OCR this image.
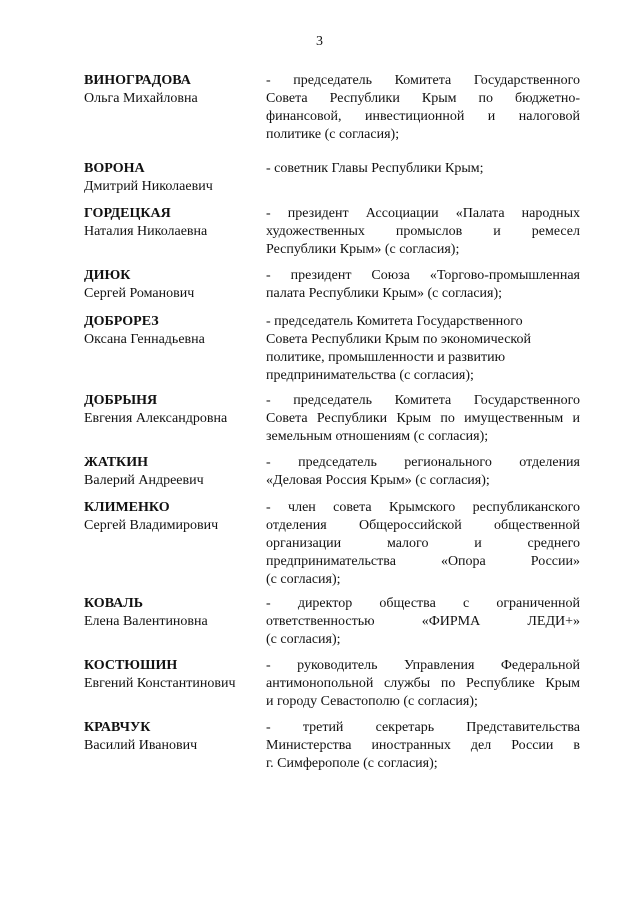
3
ВИНОГРАДОВА
Ольга Михайловна
- председатель Комитета Государственного
Совета Республики Крым по бюджетно-
финансовой, инвестиционной и налоговой
политике (с согласия);
ВОРОНА
Дмитрий Николаевич
- советник Главы Республики Крым;
ГОРДЕЦКАЯ
Наталия Николаевна
- президент Ассоциации «Палата народных
художественных промыслов и ремесел
Республики Крым» (с согласия);
ДИЮК
Сергей Романович
- президент Союза «Торгово-промышленная
палата Республики Крым» (с согласия);
ДОБРОРЕЗ
Оксана Геннадьевна
- председатель Комитета Государственного
Совета Республики Крым по экономической
политике, промышленности и развитию
предпринимательства (с согласия);
ДОБРЫНЯ
Евгения Александровна
- председатель Комитета Государственного
Совета Республики Крым по имущественным и
земельным отношениям (с согласия);
ЖАТКИН
Валерий Андреевич
- председатель регионального отделения
«Деловая Россия Крым» (с согласия);
КЛИМЕНКО
Сергей Владимирович
- член совета Крымского республиканского
отделения Общероссийской общественной
организации малого и среднего
предпринимательства «Опора России»
(с согласия);
КОВАЛЬ
Елена Валентиновна
- директор общества с ограниченной
ответственностью «ФИРМА ЛЕДИ+»
(с согласия);
КОСТЮШИН
Евгений Константинович
- руководитель Управления Федеральной
антимонопольной службы по Республике Крым
и городу Севастополю (с согласия);
КРАВЧУК
Василий Иванович
- третий секретарь Представительства
Министерства иностранных дел России в
г. Симферополе (с согласия);
